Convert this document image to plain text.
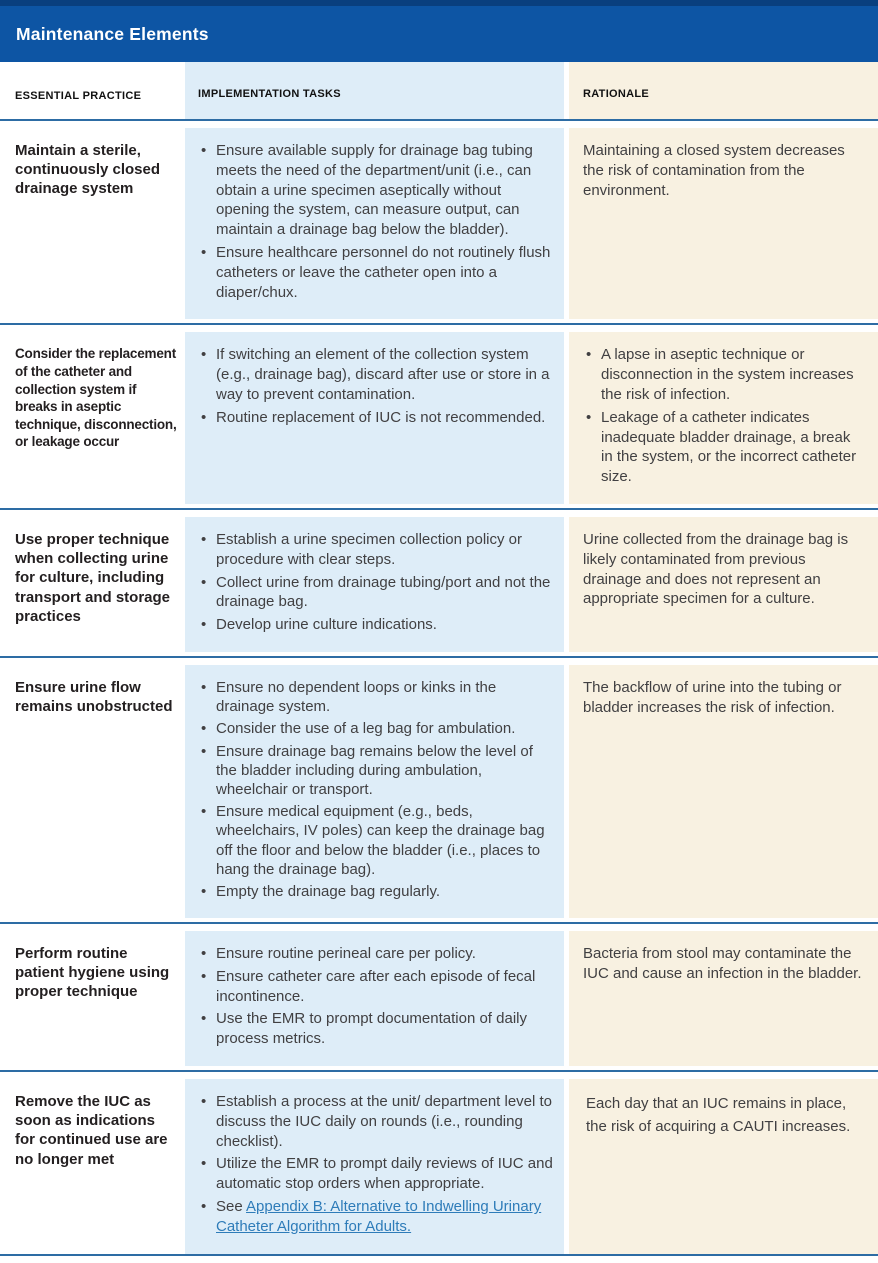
Maintenance Elements
ESSENTIAL PRACTICE	IMPLEMENTATION TASKS	RATIONALE
Maintain a sterile, continuously closed drainage system
• Ensure available supply for drainage bag tubing meets the need of the department/unit (i.e., can obtain a urine specimen aseptically without opening the system, can measure output, can maintain a drainage bag below the bladder).
• Ensure healthcare personnel do not routinely flush catheters or leave the catheter open into a diaper/chux.

Maintaining a closed system decreases the risk of contamination from the environment.

Consider the replacement of the catheter and collection system if breaks in aseptic technique, disconnection, or leakage occur
• If switching an element of the collection system (e.g., drainage bag), discard after use or store in a way to prevent contamination.
• Routine replacement of IUC is not recommended.
• A lapse in aseptic technique or disconnection in the system increases the risk of infection.
• Leakage of a catheter indicates inadequate bladder drainage, a break in the system, or the incorrect catheter size.
Use proper technique when collecting urine for culture, including transport and storage practices
• Establish a urine specimen collection policy or procedure with clear steps.
• Collect urine from drainage tubing/port and not the drainage bag.
• Develop urine culture indications.

Urine collected from the drainage bag is likely contaminated from previous drainage and does not represent an appropriate specimen for a culture.

Ensure urine flow remains unobstructed
• Ensure no dependent loops or kinks in the drainage system.
• Consider the use of a leg bag for ambulation.
• Ensure drainage bag remains below the level of the bladder including during ambulation, wheelchair or transport.
• Ensure medical equipment (e.g., beds, wheelchairs, IV poles) can keep the drainage bag off the floor and below the bladder (i.e., places to hang the drainage bag).
• Empty the drainage bag regularly.

The backflow of urine into the tubing or bladder increases the risk of infection.

Perform routine patient hygiene using proper technique
• Ensure routine perineal care per policy.
• Ensure catheter care after each episode of fecal incontinence.
• Use the EMR to prompt documentation of daily process metrics.

Bacteria from stool may contaminate the IUC and cause an infection in the bladder.

Remove the IUC as soon as indications for continued use are no longer met
• Establish a process at the unit/ department level to discuss the IUC daily on rounds (i.e., rounding checklist).
• Utilize the EMR to prompt daily reviews of IUC and automatic stop orders when appropriate.
• See Appendix B: Alternative to Indwelling Urinary Catheter Algorithm for Adults.

Each day that an IUC remains in place, the risk of acquiring a CAUTI increases.
